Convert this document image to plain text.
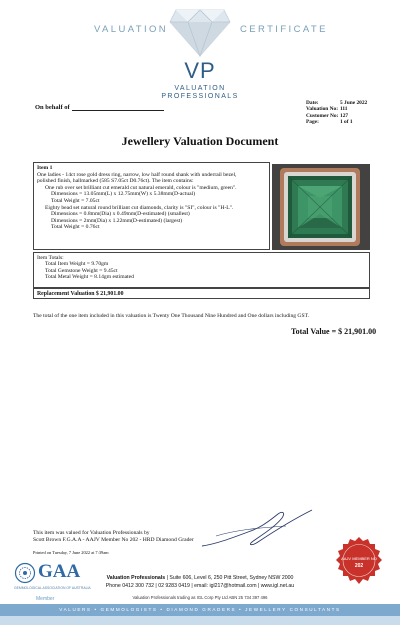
VALUATION	CERTIFICATE
VP
VALUATION
PROFESSIONALS
On behalf of
Date:	5 June 2022
Valuation No: 111
Customer No: 127
Page:	1 of 1
Jewellery Valuation Document

Item 1

One ladies - 14ct rose gold dress ring, narrow, low half round shank with underrail bezel,

polished finish, hallmarked (585 S7.05ct D0.76ct). The item contains:

One rub over set brilliant cut emerald cut natural emerald, colour is "medium, green".

Dimensions = 13.05mm(L) x 12.75mm(W) x 5.38mm(D-actual)

Total Weight = 7.05ct

Eighty bead set natural round brilliant cut diamonds, clarity is "SI", colour is "H-L".

Dimensions = 0.8mm(Dia) x 0.49mm(D-estimated) (smallest)

Dimensions = 2mm(Dia) x 1.22mm(D-estimated) (largest)

Total Weight = 0.76ct

Item Totals:

Total Item Weight = 9.70gm

Total Gemstone Weight = 9.45ct

Total Metal Weight = 8.14gm estimated

Replacement Valuation $ 21,901.00
The total of the one item included in this valuation is Twenty One Thousand Nine Hundred and One dollars including GST.
Total Value = $ 21,901.00

This item was valued for Valuation Professionals by

Scott Brown F.G.A.A - AAJV Member No 202 - HRD Diamond Grader

Printed on Tuesday, 7 June 2022 at 7:39am
GAA
GEMMOLOGICAL ASSOCIATION OF AUSTRALIA
Member
Valuation Professionals | Suite 606, Level 6, 250 Pitt Street, Sydney NSW 2000
Phone 0412 300 732 | 02 9283 0419 | email: igl217@hotmail.com | www.igl.net.au
Valuation Professionals trading as IGL Corp Pty Ltd ABN 25 734 397 496
AAJV MEMBER NO
202
VALUERS • GEMMOLOGISTS • DIAMOND GRADERS • JEWELLERY CONSULTANTS
